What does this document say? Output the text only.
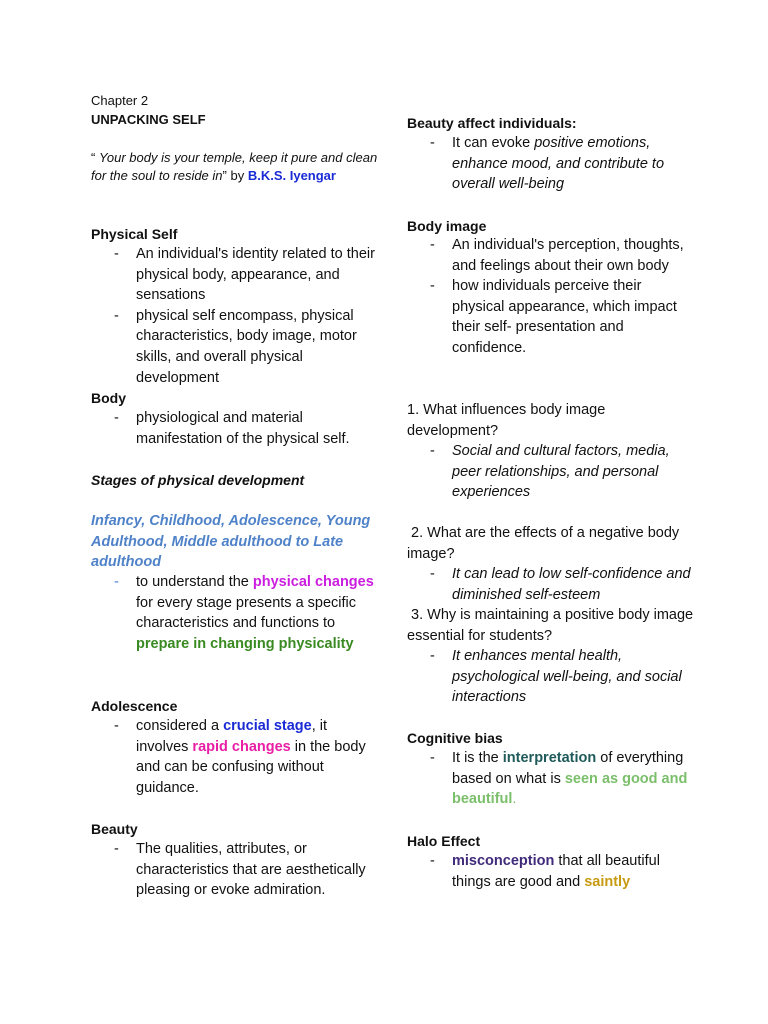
Chapter 2
UNPACKING SELF
“ Your body is your temple, keep it pure and clean for the soul to reside in” by B.K.S. Iyengar
Physical Self
- An individual's identity related to their physical body, appearance, and sensations
- physical self encompass, physical characteristics, body image, motor skills, and overall physical development
Body
- physiological and material manifestation of the physical self.
Stages of physical development
Infancy, Childhood, Adolescence, Young Adulthood, Middle adulthood to Late adulthood
- to understand the physical changes for every stage presents a specific characteristics and functions to prepare in changing physicality
Adolescence
- considered a crucial stage, it involves rapid changes in the body and can be confusing without guidance.
Beauty
- The qualities, attributes, or characteristics that are aesthetically pleasing or evoke admiration.
Beauty affect individuals:
- It can evoke positive emotions, enhance mood, and contribute to overall well-being
Body image
- An individual's perception, thoughts, and feelings about their own body
- how individuals perceive their physical appearance, which impact their self- presentation and confidence.
1. What influences body image development?
- Social and cultural factors, media, peer relationships, and personal experiences
2. What are the effects of a negative body image?
- It can lead to low self-confidence and diminished self-esteem
3. Why is maintaining a positive body image essential for students?
- It enhances mental health, psychological well-being, and social interactions
Cognitive bias
- It is the interpretation of everything based on what is seen as good and beautiful.
Halo Effect
- misconception that all beautiful things are good and saintly
